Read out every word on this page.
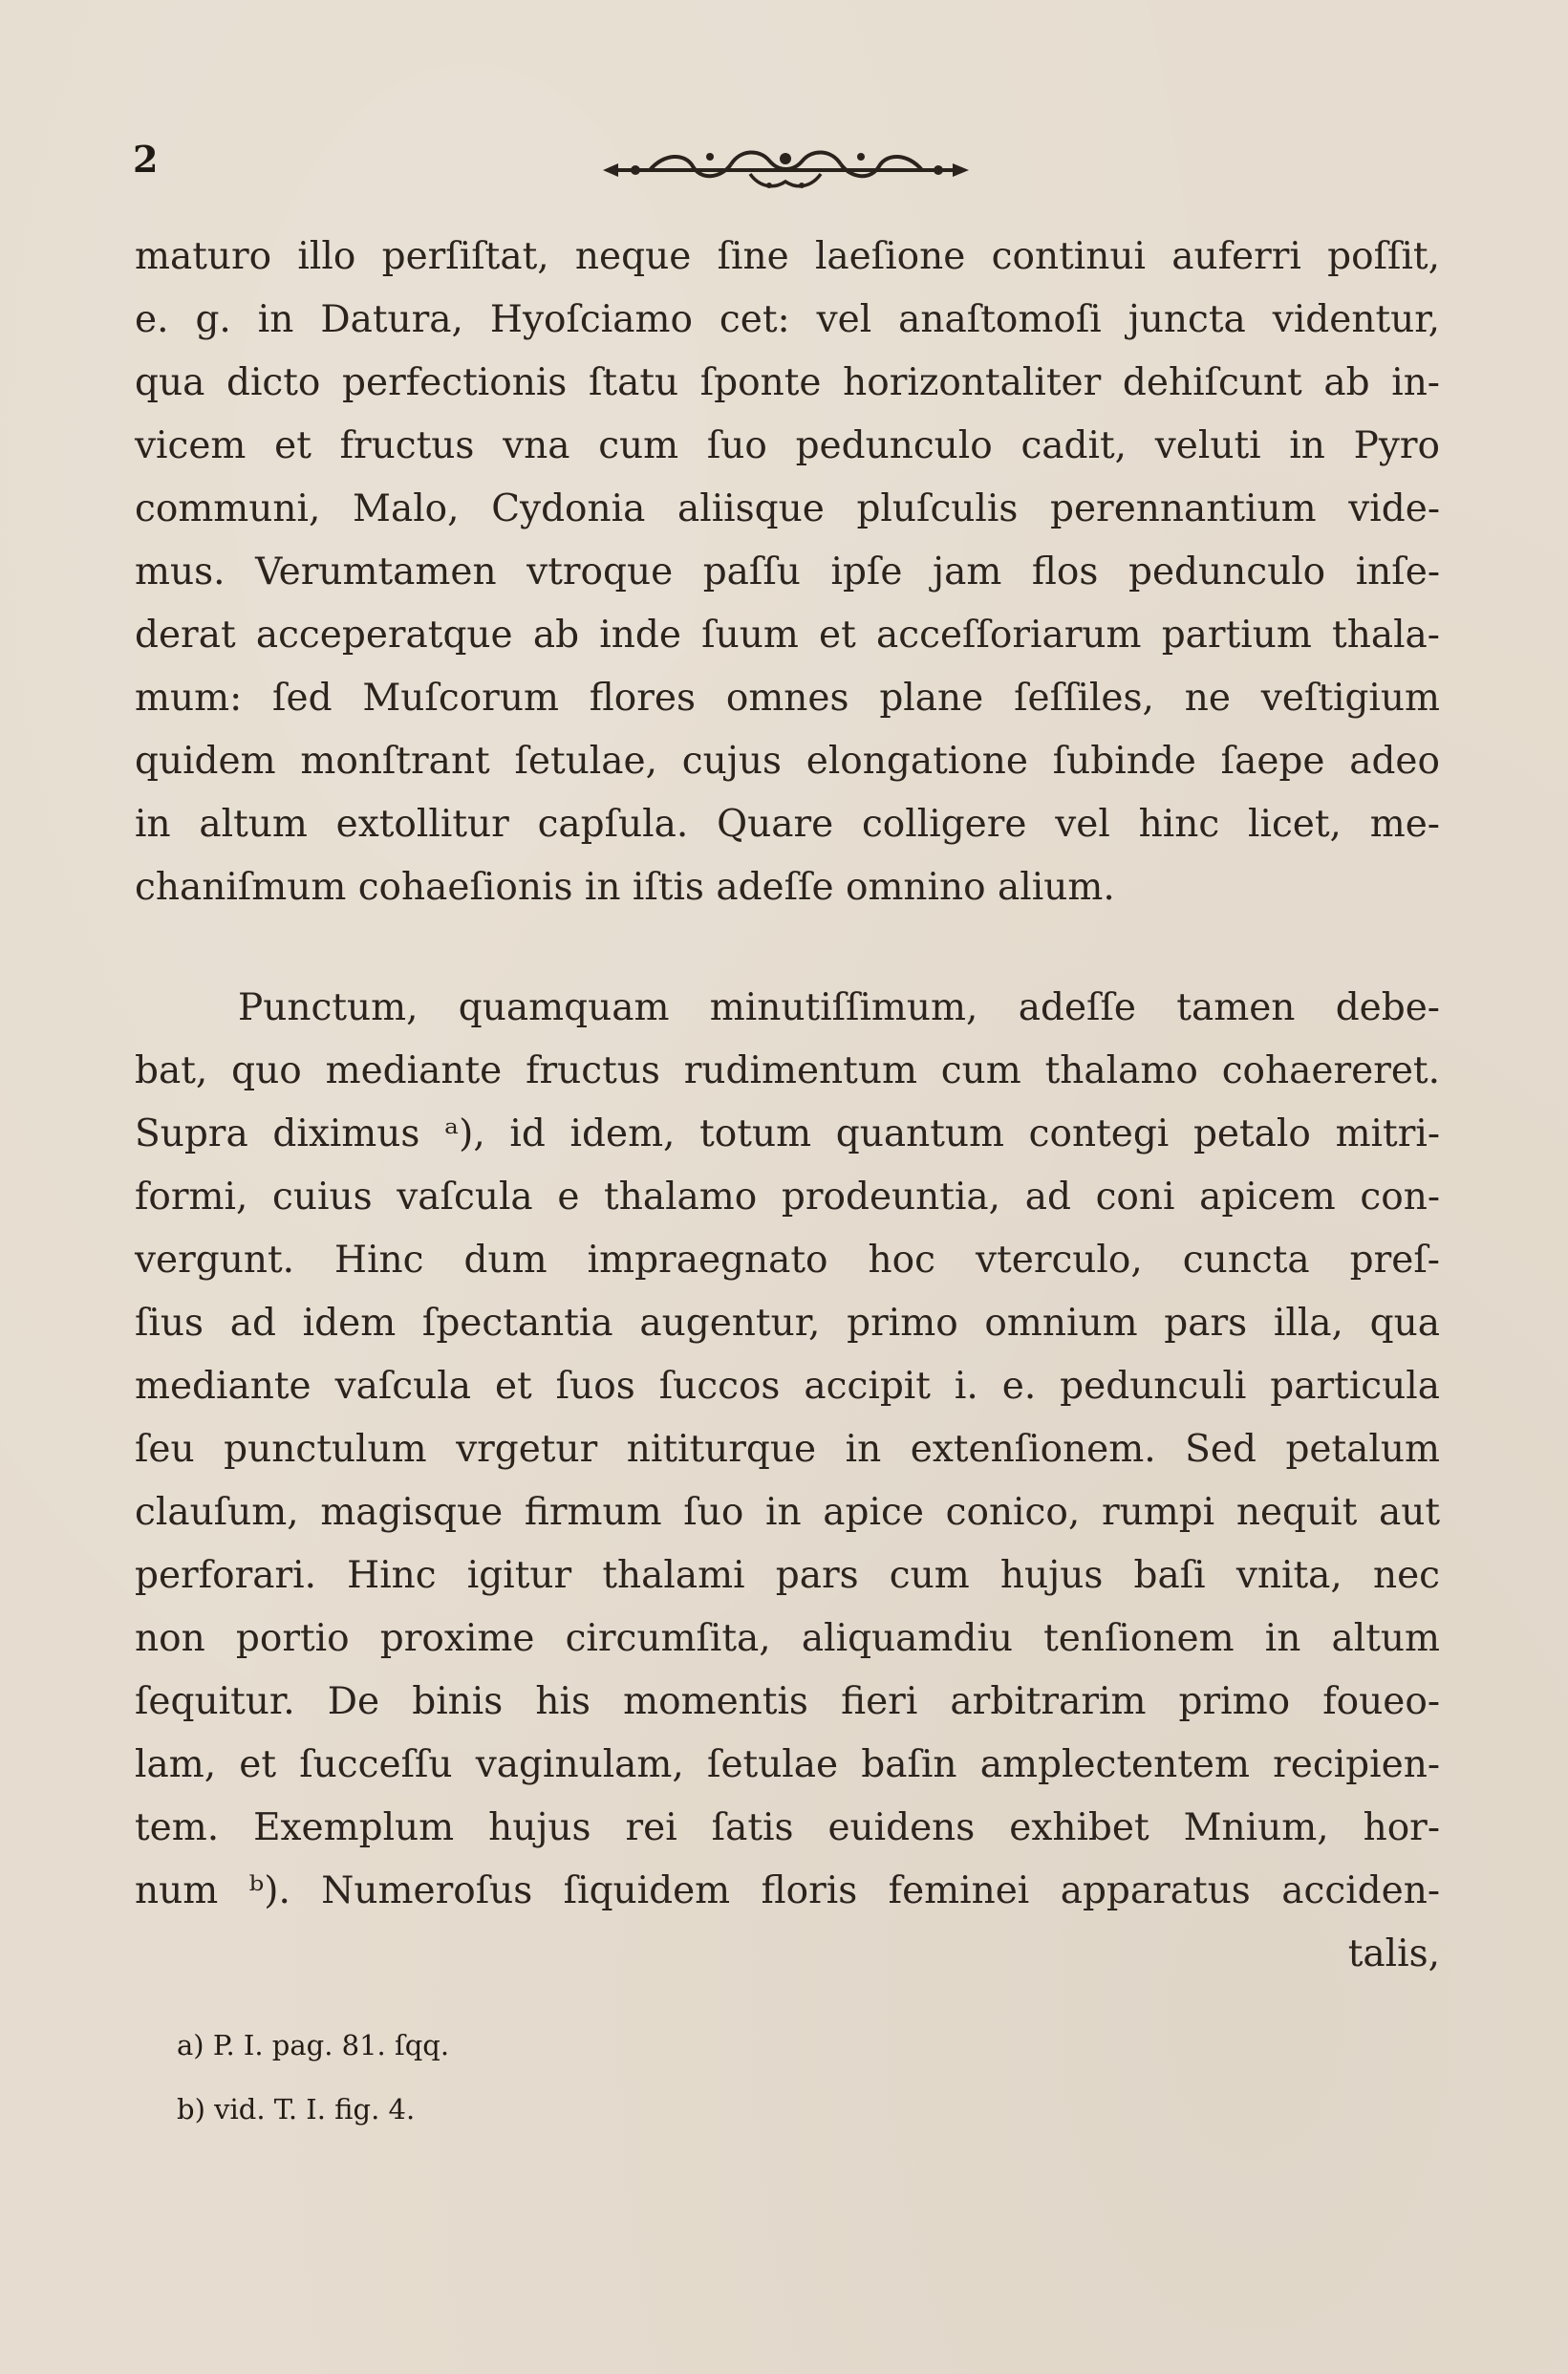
2
maturo illo perſiſtat, neque ſine laeſione continui auferri poſſit,
e. g. in Datura, Hyoſciamo cet: vel anaſtomoſi juncta videntur,
qua dicto perfectionis ſtatu ſponte horizontaliter dehiſcunt ab in-
vicem et fructus vna cum ſuo pedunculo cadit, veluti in Pyro
communi, Malo, Cydonia aliisque pluſculis perennantium vide-
mus. Verumtamen vtroque paſſu ipſe jam flos pedunculo inſe-
derat acceperatque ab inde ſuum et acceſſoriarum partium thala-
mum: ſed Muſcorum flores omnes plane ſeſſiles, ne veſtigium
quidem monſtrant ſetulae, cujus elongatione ſubinde ſaepe adeo
in altum extollitur capſula. Quare colligere vel hinc licet, me-
chaniſmum cohaeſionis in iſtis adeſſe omnino alium.
Punctum, quamquam minutiſſimum, adeſſe tamen debe-
bat, quo mediante fructus rudimentum cum thalamo cohaereret.
Supra diximus ᵃ), id idem, totum quantum contegi petalo mitri-
formi, cuius vaſcula e thalamo prodeuntia, ad coni apicem con-
vergunt. Hinc dum impraegnato hoc vterculo, cuncta preſ-
ſius ad idem ſpectantia augentur, primo omnium pars illa, qua
mediante vaſcula et ſuos ſuccos accipit i. e. pedunculi particula
ſeu punctulum vrgetur nititurque in extenſionem. Sed petalum
clauſum, magisque firmum ſuo in apice conico, rumpi nequit aut
perforari. Hinc igitur thalami pars cum hujus baſi vnita, nec
non portio proxime circumſita, aliquamdiu tenſionem in altum
ſequitur. De binis his momentis fieri arbitrarim primo foueo-
lam, et ſucceſſu vaginulam, ſetulae baſin amplectentem recipien-
tem. Exemplum hujus rei ſatis euidens exhibet Mnium, hor-
num ᵇ). Numeroſus ſiquidem floris feminei apparatus acciden-
talis,
a) P. I. pag. 81. ſqq.
b) vid. T. I. fig. 4.
